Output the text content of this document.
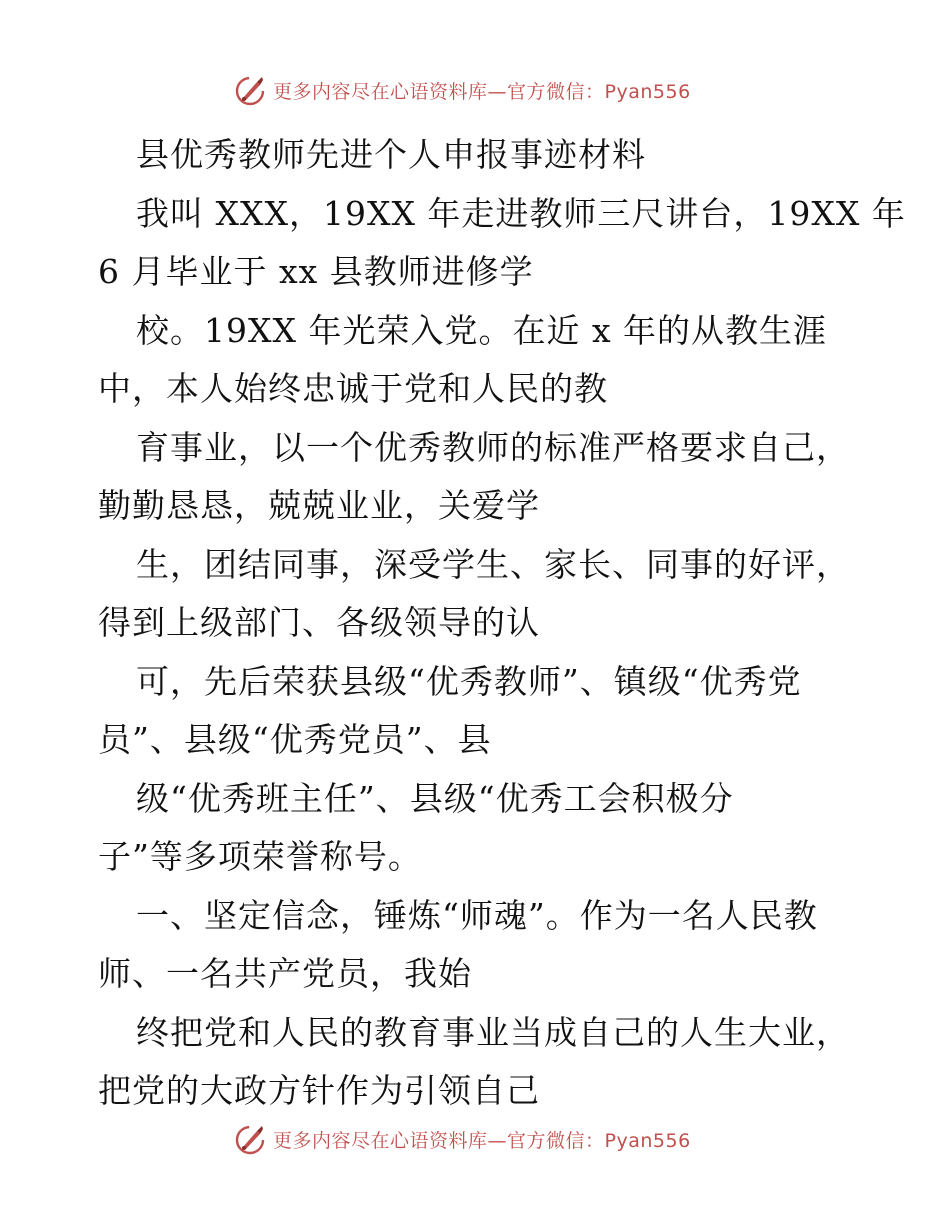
更多内容尽在心语资料库—官方微信：Pyan556
县优秀教师先进个人申报事迹材料
我叫 XXX，19XX 年走进教师三尺讲台，19XX 年
6 月毕业于 xx 县教师进修学
校。19XX 年光荣入党。在近 x 年的从教生涯
中，本人始终忠诚于党和人民的教
育事业，以一个优秀教师的标准严格要求自己，
勤勤恳恳，兢兢业业，关爱学
生，团结同事，深受学生、家长、同事的好评，
得到上级部门、各级领导的认
可，先后荣获县级“优秀教师”、镇级“优秀党
员”、县级“优秀党员”、县
级“优秀班主任”、县级“优秀工会积极分
子”等多项荣誉称号。
一、坚定信念，锤炼“师魂”。作为一名人民教
师、一名共产党员，我始
终把党和人民的教育事业当成自己的人生大业，
把党的大政方针作为引领自己
更多内容尽在心语资料库—官方微信：Pyan556
